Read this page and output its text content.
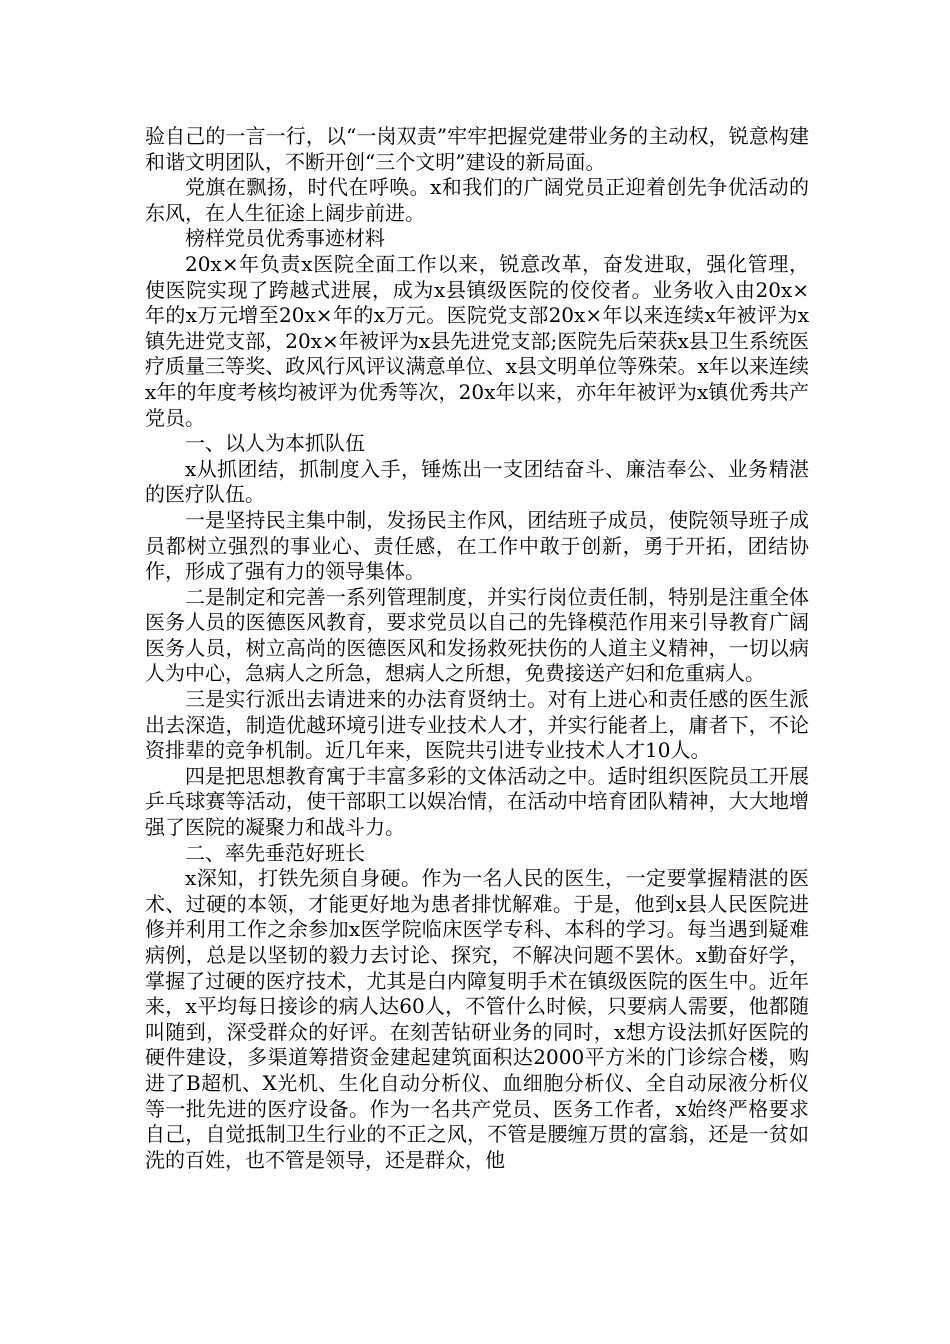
验自己的一言一行，以“一岗双责”牢牢把握党建带业务的主动权，锐意构建和谐文明团队，不断开创“三个文明”建设的新局面。

党旗在飘扬，时代在呼唤。x和我们的广阔党员正迎着创先争优活动的东风，在人生征途上阔步前进。

榜样党员优秀事迹材料

20x×年负责x医院全面工作以来，锐意改革，奋发进取，强化管理，使医院实现了跨越式进展，成为x县镇级医院的佼佼者。业务收入由20x×年的x万元增至20x×年的x万元。医院党支部20x×年以来连续x年被评为x镇先进党支部，20x×年被评为x县先进党支部;医院先后荣获x县卫生系统医疗质量三等奖、政风行风评议满意单位、x县文明单位等殊荣。x年以来连续x年的年度考核均被评为优秀等次，20x年以来，亦年年被评为x镇优秀共产党员。

一、以人为本抓队伍

x从抓团结，抓制度入手，锤炼出一支团结奋斗、廉洁奉公、业务精湛的医疗队伍。

一是坚持民主集中制，发扬民主作风，团结班子成员，使院领导班子成员都树立强烈的事业心、责任感，在工作中敢于创新，勇于开拓，团结协作，形成了强有力的领导集体。

二是制定和完善一系列管理制度，并实行岗位责任制，特别是注重全体医务人员的医德医风教育，要求党员以自己的先锋模范作用来引导教育广阔医务人员，树立高尚的医德医风和发扬救死扶伤的人道主义精神，一切以病人为中心，急病人之所急，想病人之所想，免费接送产妇和危重病人。

三是实行派出去请进来的办法育贤纳士。对有上进心和责任感的医生派出去深造，制造优越环境引进专业技术人才，并实行能者上，庸者下，不论资排辈的竞争机制。近几年来，医院共引进专业技术人才10人。

四是把思想教育寓于丰富多彩的文体活动之中。适时组织医院员工开展乒乓球赛等活动，使干部职工以娱冶情，在活动中培育团队精神，大大地增强了医院的凝聚力和战斗力。

二、率先垂范好班长

x深知，打铁先须自身硬。作为一名人民的医生，一定要掌握精湛的医术、过硬的本领，才能更好地为患者排忧解难。于是，他到x县人民医院进修并利用工作之余参加x医学院临床医学专科、本科的学习。每当遇到疑难病例，总是以坚韧的毅力去讨论、探究，不解决问题不罢休。x勤奋好学，掌握了过硬的医疗技术，尤其是白内障复明手术在镇级医院的医生中。近年来，x平均每日接诊的病人达60人，不管什么时候，只要病人需要，他都随叫随到，深受群众的好评。在刻苦钻研业务的同时，x想方设法抓好医院的硬件建设，多渠道筹措资金建起建筑面积达2000平方米的门诊综合楼，购进了B超机、X光机、生化自动分析仪、血细胞分析仪、全自动尿液分析仪等一批先进的医疗设备。作为一名共产党员、医务工作者，x始终严格要求自己，自觉抵制卫生行业的不正之风，不管是腰缠万贯的富翁，还是一贫如洗的百姓，也不管是领导，还是群众，他
